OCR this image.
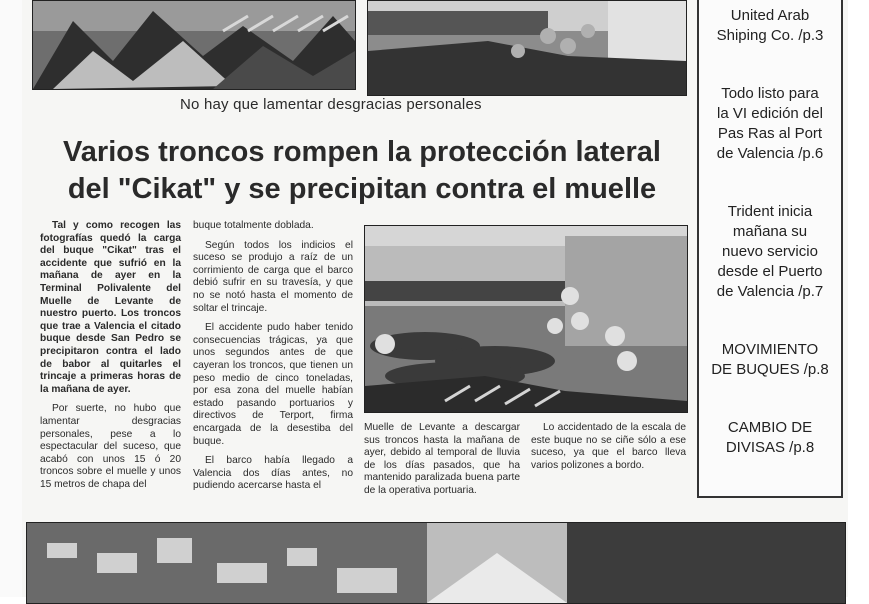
No hay que lamentar desgracias personales
Varios troncos rompen la protección lateral
del "Cikat" y se precipitan contra el muelle

Tal y como recogen las fotografías quedó la carga del buque "Cikat" tras el accidente que sufrió en la mañana de ayer en la Terminal Polivalente del Muelle de Levante de nuestro puerto. Los troncos que trae a Valencia el citado buque desde San Pedro se precipitaron contra el lado de babor al quitarles el trincaje a primeras horas de la mañana de ayer.

Por suerte, no hubo que lamentar desgracias personales, pese a lo espectacular del suceso, que acabó con unos 15 ó 20 troncos sobre el muelle y unos 15 metros de chapa del

buque totalmente doblada.

Según todos los indicios el suceso se produjo a raíz de un corrimiento de carga que el barco debió sufrir en su travesía, y que no se notó hasta el momento de soltar el trincaje.

El accidente pudo haber tenido consecuencias trágicas, ya que unos segundos antes de que cayeran los troncos, que tienen un peso medio de cinco toneladas, por esa zona del muelle habían estado pasando portuarios y directivos de Terport, firma encargada de la desestiba del buque.

El barco había llegado a Valencia dos días antes, no pudiendo acercarse hasta el

Muelle de Levante a descargar sus troncos hasta la mañana de ayer, debido al temporal de lluvia de los días pasados, que ha mantenido paralizada buena parte de la operativa portuaria.

Lo accidentado de la escala de este buque no se ciñe sólo a ese suceso, ya que el barco lleva varios polizones a bordo.

United Arab
Shiping Co. /p.3
Todo listo para
la VI edición del
Pas Ras al Port
de Valencia /p.6
Trident inicia
mañana su
nuevo servicio
desde el Puerto
de Valencia /p.7
MOVIMIENTO
DE BUQUES /p.8
CAMBIO DE
DIVISAS /p.8
